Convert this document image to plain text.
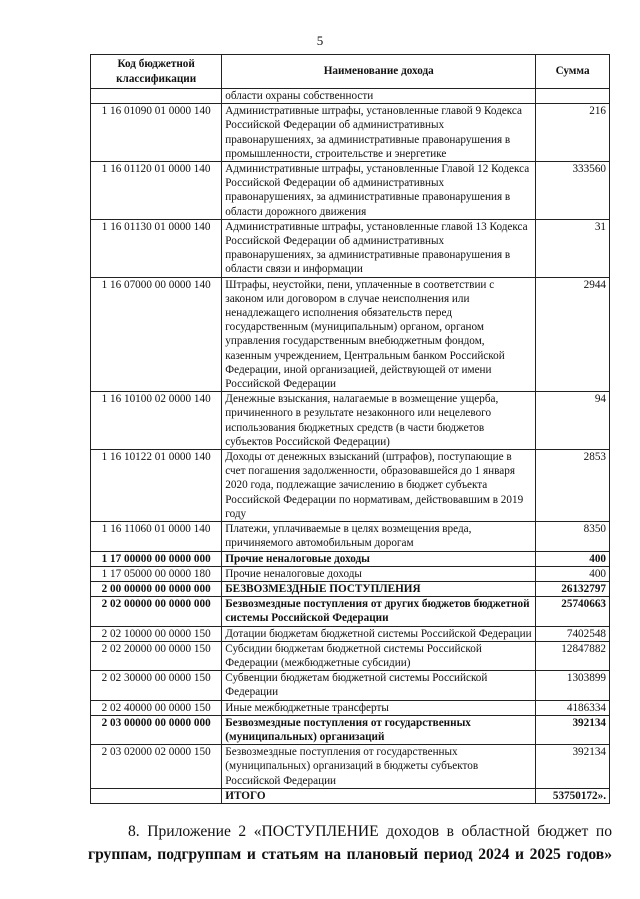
5
Код бюджетной классификации	Наименование дохода	Сумма
	области охраны собственности	
1 16 01090 01 0000 140	Административные штрафы, установленные главой 9 Кодекса Российской Федерации об административных правонарушениях, за административные правонарушения в промышленности, строительстве и энергетике	216
1 16 01120 01 0000 140	Административные штрафы, установленные Главой 12 Кодекса Российской Федерации об административных правонарушениях, за административные правонарушения в области дорожного движения	333560
1 16 01130 01 0000 140	Административные штрафы, установленные главой 13 Кодекса Российской Федерации об административных правонарушениях, за административные правонарушения в области связи и информации	31
1 16 07000 00 0000 140	Штрафы, неустойки, пени, уплаченные в соответствии с законом или договором в случае неисполнения или ненадлежащего исполнения обязательств перед государственным (муниципальным) органом, органом управления государственным внебюджетным фондом, казенным учреждением, Центральным банком Российской Федерации, иной организацией, действующей от имени Российской Федерации	2944
1 16 10100 02 0000 140	Денежные взыскания, налагаемые в возмещение ущерба, причиненного в результате незаконного или нецелевого использования бюджетных средств (в части бюджетов субъектов Российской Федерации)	94
1 16 10122 01 0000 140	Доходы от денежных взысканий (штрафов), поступающие в счет погашения задолженности, образовавшейся до 1 января 2020 года, подлежащие зачислению в бюджет субъекта Российской Федерации по нормативам, действовавшим в 2019 году	2853
1 16 11060 01 0000 140	Платежи, уплачиваемые в целях возмещения вреда, причиняемого автомобильным дорогам	8350
1 17 00000 00 0000 000	Прочие неналоговые доходы	400
1 17 05000 00 0000 180	Прочие неналоговые доходы	400
2 00 00000 00 0000 000	БЕЗВОЗМЕЗДНЫЕ ПОСТУПЛЕНИЯ	26132797
2 02 00000 00 0000 000	Безвозмездные поступления от других бюджетов бюджетной системы Российской Федерации	25740663
2 02 10000 00 0000 150	Дотации бюджетам бюджетной системы Российской Федерации	7402548
2 02 20000 00 0000 150	Субсидии бюджетам бюджетной системы Российской Федерации (межбюджетные субсидии)	12847882
2 02 30000 00 0000 150	Субвенции бюджетам бюджетной системы Российской Федерации	1303899
2 02 40000 00 0000 150	Иные межбюджетные трансферты	4186334
2 03 00000 00 0000 000	Безвозмездные поступления от государственных (муниципальных) организаций	392134
2 03 02000 02 0000 150	Безвозмездные поступления от государственных (муниципальных) организаций в бюджеты субъектов Российской Федерации	392134
	ИТОГО	53750172».
8. Приложение 2 «ПОСТУПЛЕНИЕ доходов в областной бюджет по
группам, подгруппам и статьям на плановый период 2024 и 2025 годов»
